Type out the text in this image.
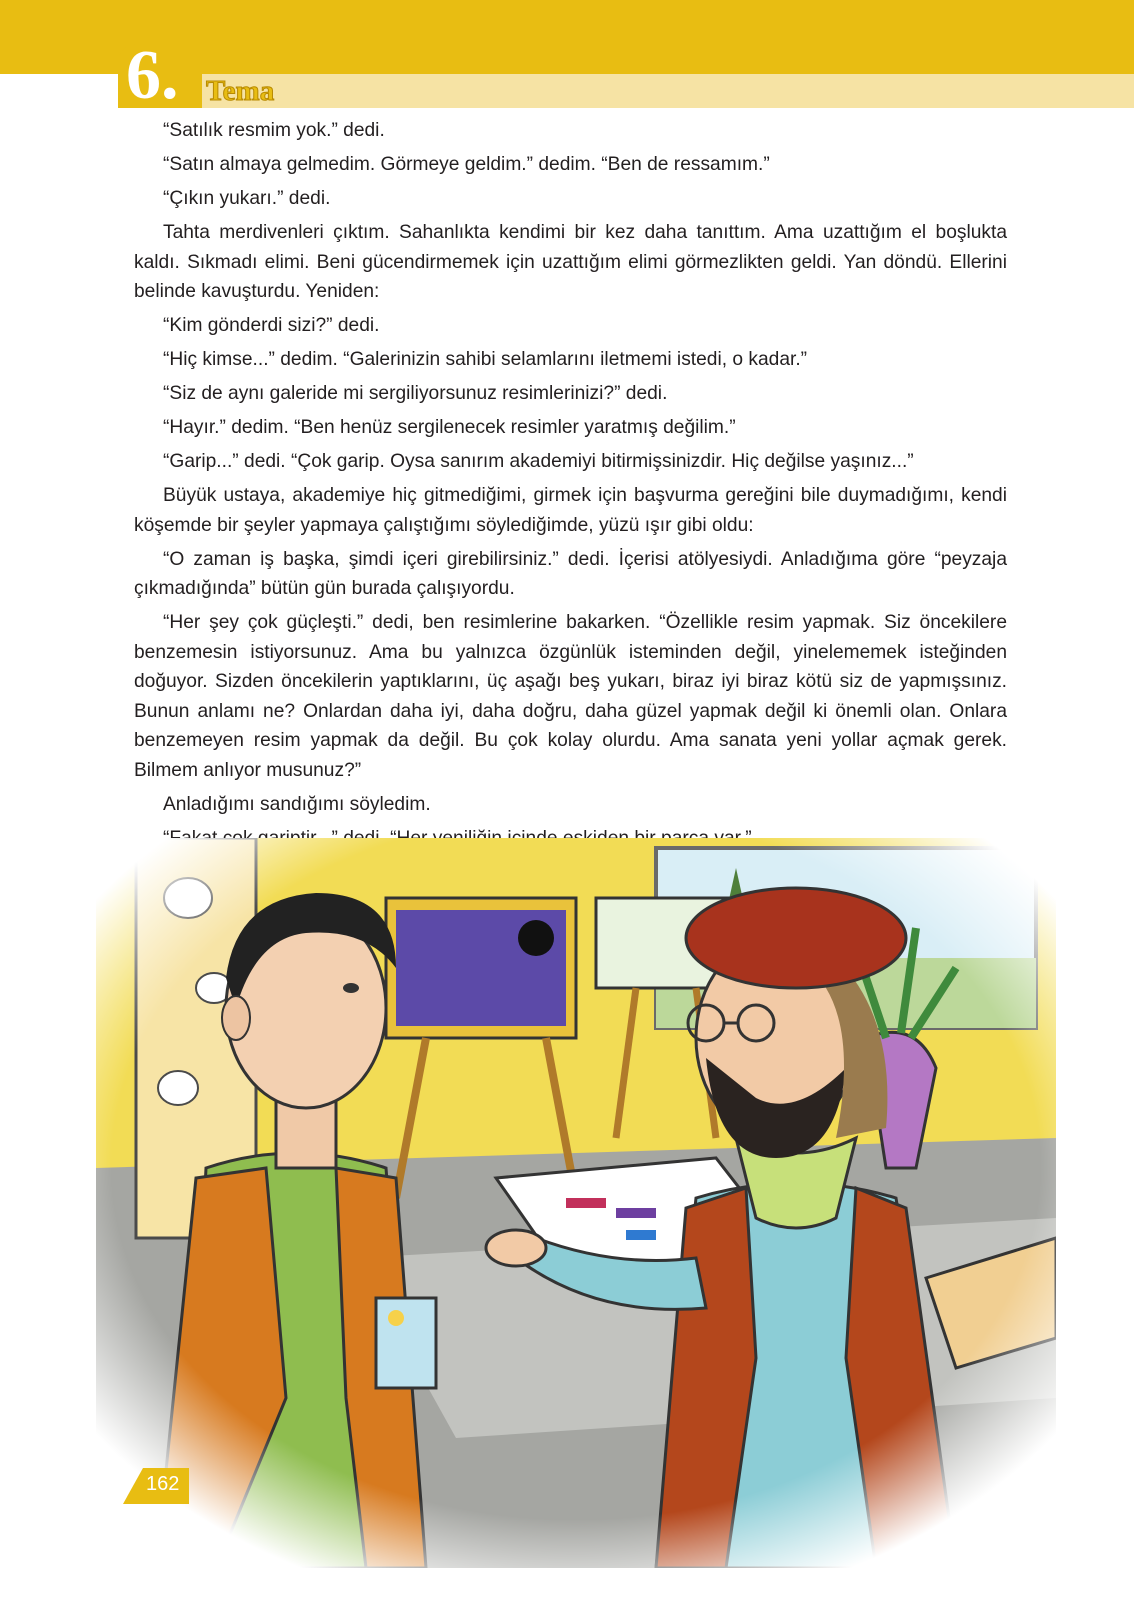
6. Tema

“Satılık resmim yok.” dedi.

“Satın almaya gelmedim. Görmeye geldim.” dedim. “Ben de ressamım.”

“Çıkın yukarı.” dedi.

Tahta merdivenleri çıktım. Sahanlıkta kendimi bir kez daha tanıttım. Ama uzattığım el boşlukta kaldı. Sıkmadı elimi. Beni gücendirmemek için uzattığım elimi görmezlikten geldi. Yan döndü. Ellerini belinde kavuşturdu. Yeniden:

“Kim gönderdi sizi?” dedi.

“Hiç kimse...” dedim. “Galerinizin sahibi selamlarını iletmemi istedi, o kadar.”

“Siz de aynı galeride mi sergiliyorsunuz resimlerinizi?” dedi.

“Hayır.” dedim. “Ben henüz sergilenecek resimler yaratmış değilim.”

“Garip...” dedi. “Çok garip. Oysa sanırım akademiyi bitirmişsinizdir. Hiç değilse yaşınız...”

Büyük ustaya, akademiye hiç gitmediğimi, girmek için başvurma gereğini bile duymadığımı, kendi köşemde bir şeyler yapmaya çalıştığımı söylediğimde, yüzü ışır gibi oldu:

“O zaman iş başka, şimdi içeri girebilirsiniz.” dedi. İçerisi atölyesiydi. Anladığıma göre “peyzaja çıkmadığında” bütün gün burada çalışıyordu.

“Her şey çok güçleşti.” dedi, ben resimlerine bakarken. “Özellikle resim yapmak. Siz öncekilere benzemesin istiyorsunuz. Ama bu yalnızca özgünlük isteminden değil, yinelememek isteğinden doğuyor. Sizden öncekilerin yaptıklarını, üç aşağı beş yukarı, biraz iyi biraz kötü siz de yapmışsınız. Bunun anlamı ne? Onlardan daha iyi, daha doğru, daha güzel yapmak değil ki önemli olan. Onlara benzemeyen resim yapmak da değil. Bu çok kolay olurdu. Ama sanata yeni yollar açmak gerek. Bilmem anlıyor musunuz?”

Anladığımı sandığımı söyledim.

162
